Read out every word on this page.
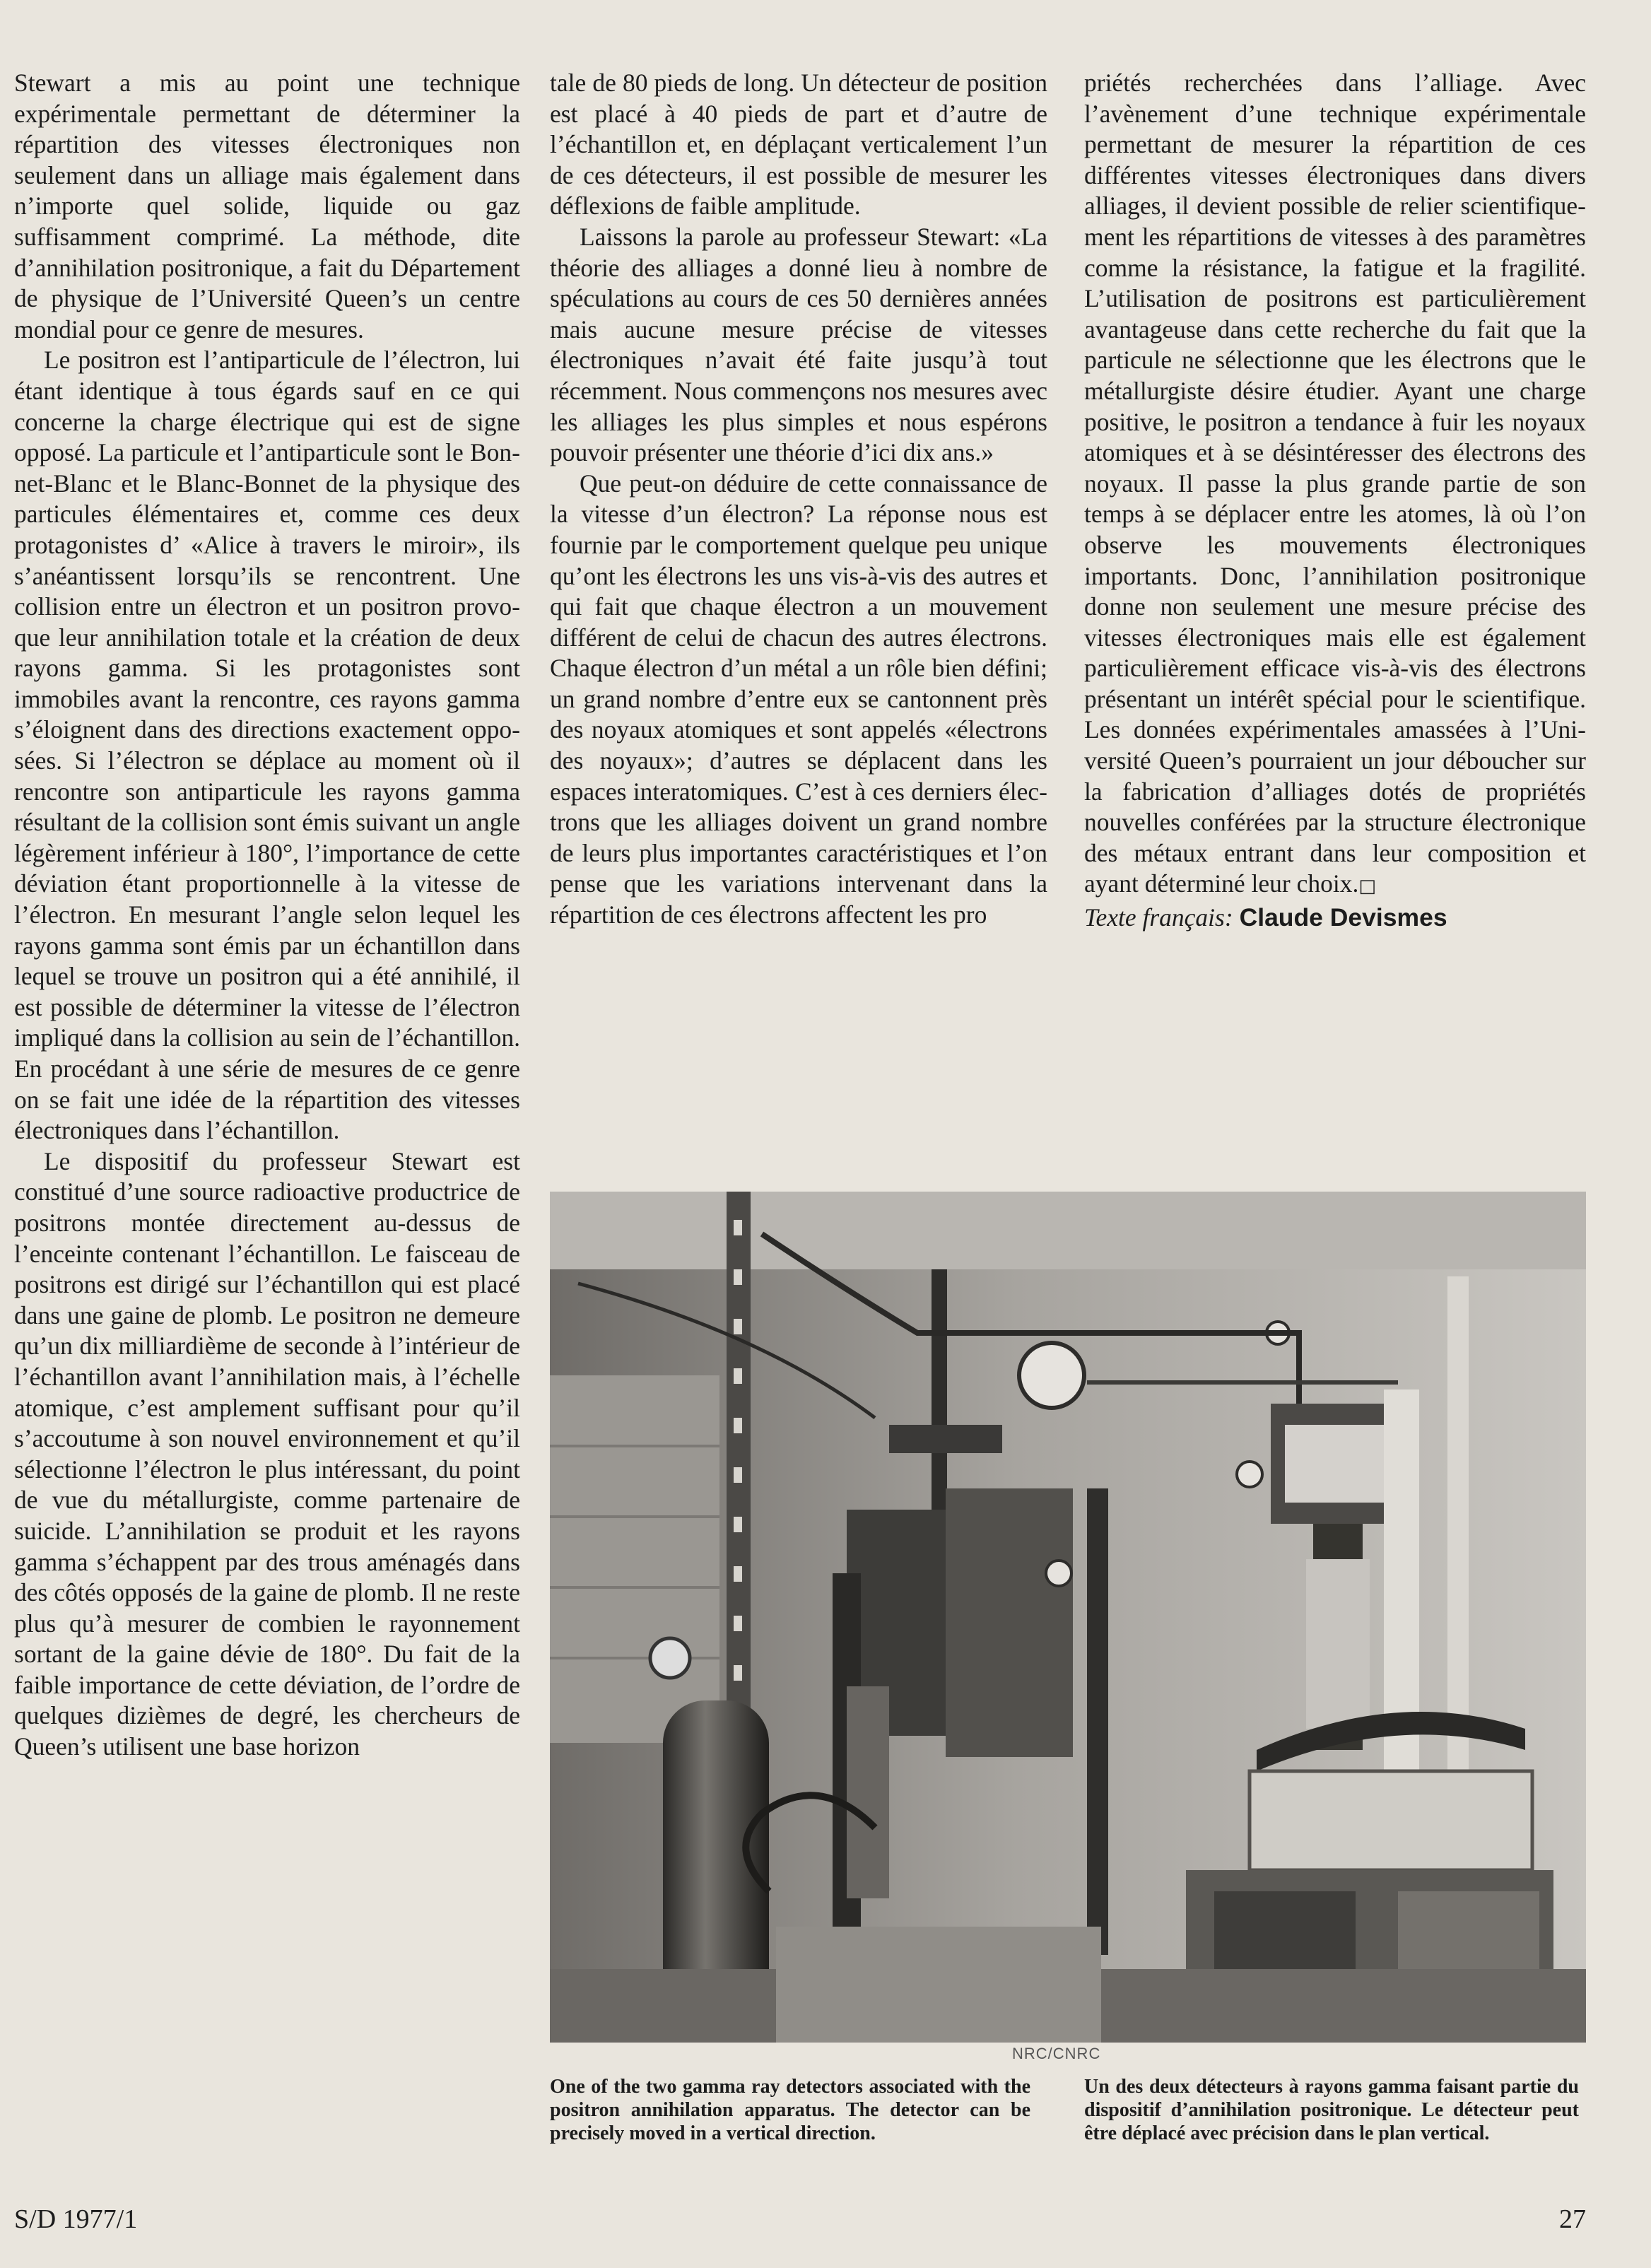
Stewart a mis au point une technique expérimentale permettant de déterminer la répartition des vitesses électroniques non seulement dans un alliage mais également dans n’importe quel solide, liquide ou gaz suffisamment comprimé. La méthode, dite d’annihilation positronique, a fait du Département de physique de l’Université Queen’s un centre mondial pour ce genre de mesures.

Le positron est l’antiparticule de l’électron, lui étant identique à tous égards sauf en ce qui concerne la charge électrique qui est de signe opposé. La particule et l’antiparticule sont le Bonnet-Blanc et le Blanc-Bonnet de la physique des particules élémentaires et, comme ces deux protagonistes d’ «Alice à travers le miroir», ils s’anéantissent lorsqu’ils se rencontrent. Une collision entre un électron et un positron provoque leur annihilation totale et la création de deux rayons gamma. Si les protagonistes sont immobiles avant la rencontre, ces rayons gamma s’éloignent dans des directions exactement opposées. Si l’électron se déplace au moment où il rencontre son antiparticule les rayons gamma résultant de la collision sont émis suivant un angle légèrement inférieur à 180°, l’importance de cette déviation étant proportionnelle à la vitesse de l’électron. En mesurant l’angle selon lequel les rayons gamma sont émis par un échantillon dans lequel se trouve un positron qui a été annihilé, il est possible de déterminer la vitesse de l’électron impliqué dans la collision au sein de l’échantillon. En procédant à une série de mesures de ce genre on se fait une idée de la répartition des vitesses électroniques dans l’échantillon.

Le dispositif du professeur Stewart est constitué d’une source radioactive productrice de positrons montée directement au-dessus de l’enceinte contenant l’échantillon. Le faisceau de positrons est dirigé sur l’échantillon qui est placé dans une gaine de plomb. Le positron ne demeure qu’un dix milliardième de seconde à l’intérieur de l’échantillon avant l’annihilation mais, à l’échelle atomique, c’est amplement suffisant pour qu’il s’accoutume à son nouvel environnement et qu’il sélectionne l’électron le plus intéressant, du point de vue du métallurgiste, comme partenaire de suicide. L’annihilation se produit et les rayons gamma s’échappent par des trous aménagés dans des côtés opposés de la gaine de plomb. Il ne reste plus qu’à mesurer de combien le rayonnement sortant de la gaine dévie de 180°. Du fait de la faible importance de cette déviation, de l’ordre de quelques dizièmes de degré, les chercheurs de Queen’s utilisent une base horizon

tale de 80 pieds de long. Un détecteur de position est placé à 40 pieds de part et d’autre de l’échantillon et, en déplaçant verticalement l’un de ces détecteurs, il est possible de mesurer les déflexions de faible amplitude.

Laissons la parole au professeur Stewart: «La théorie des alliages a donné lieu à nombre de spéculations au cours de ces 50 dernières années mais aucune mesure précise de vitesses électroniques n’avait été faite jusqu’à tout récemment. Nous commençons nos mesures avec les alliages les plus simples et nous espérons pouvoir présenter une théorie d’ici dix ans.»

Que peut-on déduire de cette connaissance de la vitesse d’un électron? La réponse nous est fournie par le comportement quelque peu unique qu’ont les électrons les uns vis-à-vis des autres et qui fait que chaque électron a un mouvement différent de celui de chacun des autres électrons. Chaque électron d’un métal a un rôle bien défini; un grand nombre d’entre eux se cantonnent près des noyaux atomiques et sont appelés «électrons des noyaux»; d’autres se déplacent dans les espaces interatomiques. C’est à ces derniers électrons que les alliages doivent un grand nombre de leurs plus importantes caractéristiques et l’on pense que les variations intervenant dans la répartition de ces électrons affectent les pro

priétés recherchées dans l’alliage. Avec l’avènement d’une technique expérimentale permettant de mesurer la répartition de ces différentes vitesses électroniques dans divers alliages, il devient possible de relier scientifiquement les répartitions de vitesses à des paramètres comme la résistance, la fatigue et la fragilité. L’utilisation de positrons est particulièrement avantageuse dans cette recherche du fait que la particule ne sélectionne que les électrons que le métallurgiste désire étudier. Ayant une charge positive, le positron a tendance à fuir les noyaux atomiques et à se désintéresser des électrons des noyaux. Il passe la plus grande partie de son temps à se déplacer entre les atomes, là où l’on observe les mouvements électroniques importants. Donc, l’annihilation positronique donne non seulement une mesure précise des vitesses électroniques mais elle est également particulièrement efficace vis-à-vis des électrons présentant un intérêt spécial pour le scientifique. Les données expérimentales amassées à l’Université Queen’s pourraient un jour déboucher sur la fabrication d’alliages dotés de propriétés nouvelles conférées par la structure électronique des métaux entrant dans leur composition et ayant déterminé leur choix.□

Texte français: Claude Devismes

NRC/CNRC
One of the two gamma ray detectors associated with the positron annihilation apparatus. The detector can be precisely moved in a vertical direction.
Un des deux détecteurs à rayons gamma faisant partie du dispositif d’annihilation positronique. Le détecteur peut être déplacé avec précision dans le plan vertical.
S/D 1977/1	27
